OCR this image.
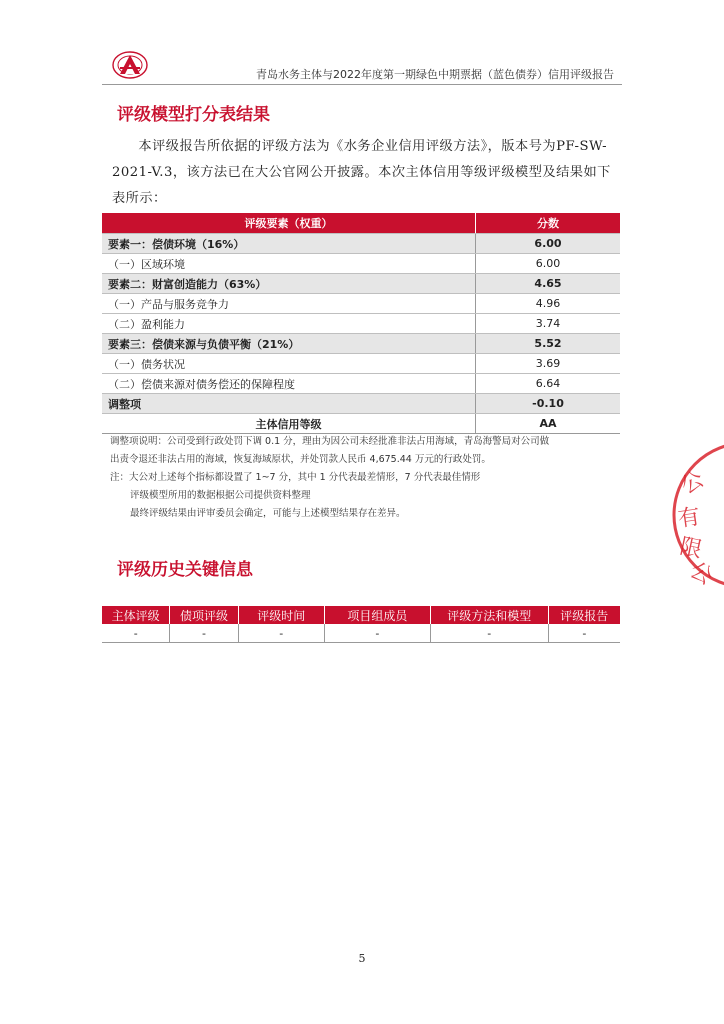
青岛水务主体与2022年度第一期绿色中期票据（蓝色债券）信用评级报告
评级模型打分表结果

本评级报告所依据的评级方法为《水务企业信用评级方法》，版本号为PF-SW-2021-V.3，该方法已在大公官网公开披露。本次主体信用等级评级模型及结果如下表所示：

评级要素（权重）	分数
要素一：偿债环境（16%）	6.00
（一）区域环境	6.00
要素二：财富创造能力（63%）	4.65
（一）产品与服务竞争力	4.96
（二）盈利能力	3.74
要素三：偿债来源与负债平衡（21%）	5.52
（一）债务状况	3.69
（二）偿债来源对债务偿还的保障程度	6.64
调整项	-0.10
主体信用等级	AA
调整项说明：公司受到行政处罚下调 0.1 分，理由为因公司未经批准非法占用海域，青岛海警局对公司做
出责令退还非法占用的海域，恢复海域原状，并处罚款人民币 4,675.44 万元的行政处罚。
注：大公对上述每个指标都设置了 1~7 分，其中 1 分代表最差情形，7 分代表最佳情形
评级模型所用的数据根据公司提供资料整理
最终评级结果由评审委员会确定，可能与上述模型结果存在差异。
评级历史关键信息
主体评级	债项评级	评级时间	项目组成员	评级方法和模型	评级报告
-	-	-	-	-	-
公
有
限
公
5
